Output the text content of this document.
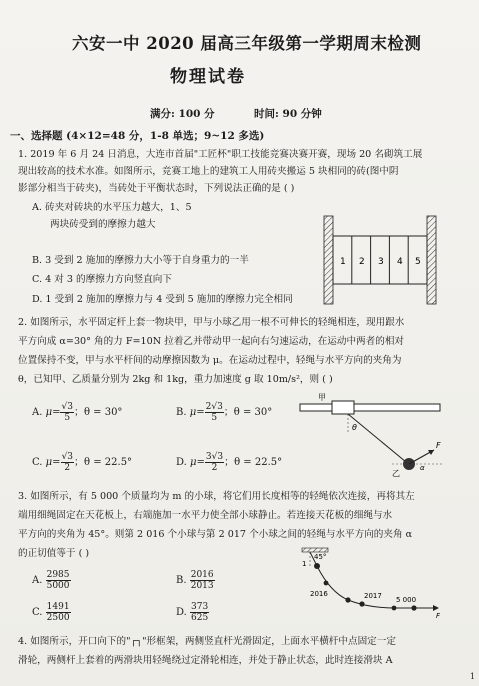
六安一中 2020 届高三年级第一学期周末检测
物理试卷
满分: 100 分	时间: 90 分钟
一、选择题 (4×12=48 分，1-8 单选；9~12 多选)
1. 2019 年 6 月 24 日消息，大连市首届"工匠杯"职工技能竞赛决赛开赛，现场 20 名砌筑工展
现出较高的技术水准。如图所示，竞赛工地上的建筑工人用砖夹搬运 5 块相同的砖(图中阴
影部分相当于砖夹)，当砖处于平衡状态时，下列说法正确的是 ( )
A. 砖夹对砖块的水平压力越大，1、5
两块砖受到的摩擦力越大
B. 3 受到 2 施加的摩擦力大小等于自身重力的一半
C. 4 对 3 的摩擦力方向竖直向下
D. 1 受到 2 施加的摩擦力与 4 受到 5 施加的摩擦力完全相同
1 2 3 4 5
2. 如图所示，水平固定杆上套一物块甲，甲与小球乙用一根不可伸长的轻绳相连，现用跟水
平方向成 α=30° 角的力 F=10N 拉着乙并带动甲一起向右匀速运动，在运动中两者的相对
位置保持不变，甲与水平杆间的动摩擦因数为 μ。在运动过程中，轻绳与水平方向的夹角为
θ，已知甲、乙质量分别为 2kg 和 1kg，重力加速度 g 取 10m/s²，则 ( )
A. $\mu= \frac{√3}{5}$ ；θ = 30°	B. $\mu= \frac{2√3}{5}$ ；θ = 30°
C. $\mu= \frac{√3}{2}$ ；θ = 22.5°	D. $\mu= \frac{3√3}{2}$ ；θ = 22.5°
甲
θ
乙
F
α
3. 如图所示，有 5 000 个质量均为 m 的小球，将它们用长度相等的轻绳依次连接，再将其左
端用细绳固定在天花板上，右端施加一水平力使全部小球静止。若连接天花板的细绳与水
平方向的夹角为 45°。则第 2 016 个小球与第 2 017 个小球之间的轻绳与水平方向的夹角 α
的正切值等于 ( )
A. $\frac{2985}{5000}$	B. $\frac{2016}{2013}$
C. $\frac{1491}{2500}$	D. $\frac{373}{625}$
45°
1
2016	2017 5 000
F
4. 如图所示，开口向下的"┌┐"形框架，两侧竖直杆光滑固定，上面水平横杆中点固定一定
滑轮，两侧杆上套着的两滑块用轻绳绕过定滑轮相连，并处于静止状态，此时连接滑块 A
1
